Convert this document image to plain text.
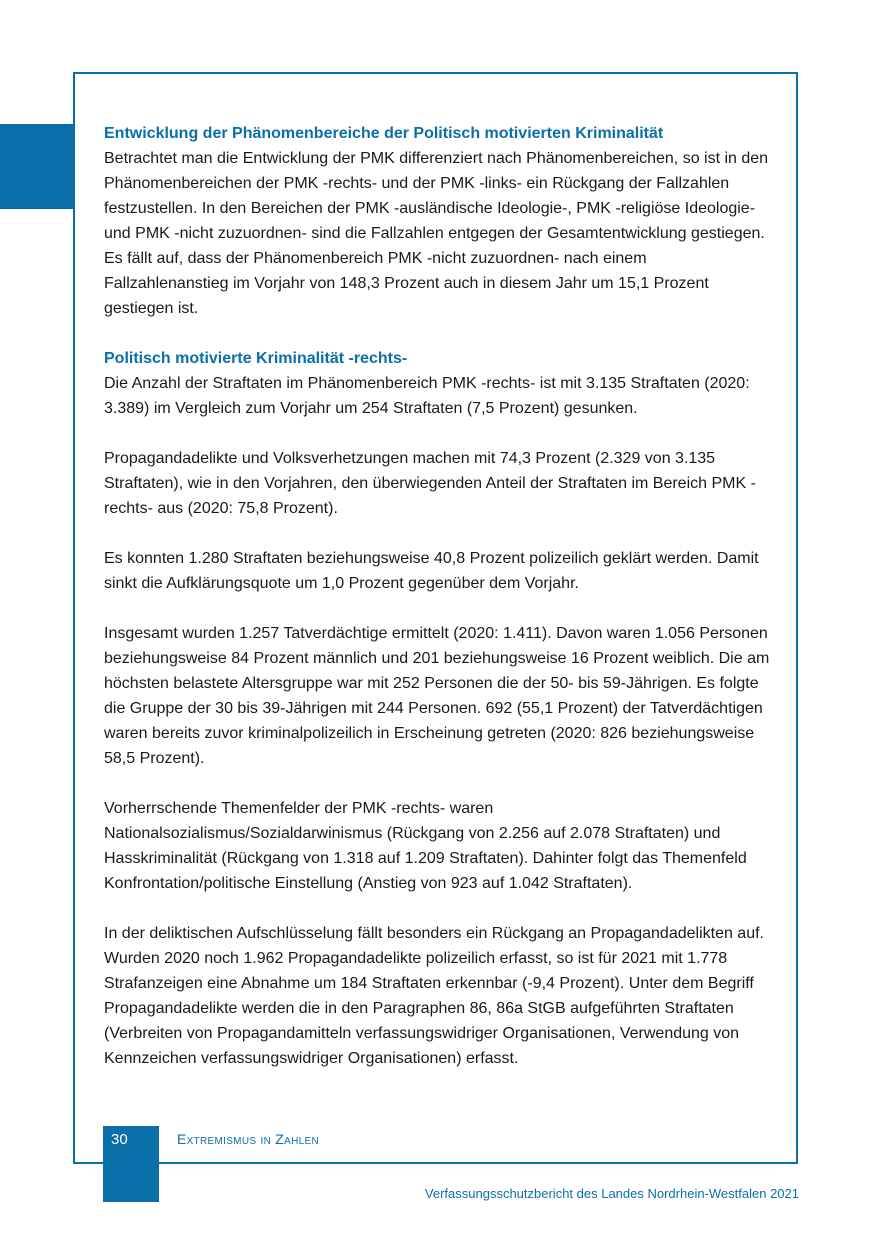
Entwicklung der Phänomenbereiche der Politisch motivierten Kriminalität

Betrachtet man die Entwicklung der PMK differenziert nach Phänomenbereichen, so ist in den Phänomenbereichen der PMK -rechts- und der PMK -links- ein Rückgang der Fallzahlen festzustellen. In den Bereichen der PMK -ausländische Ideologie-, PMK -religiöse Ideologie- und PMK -nicht zuzuordnen- sind die Fallzahlen entgegen der Gesamtentwicklung gestiegen. Es fällt auf, dass der Phänomenbereich PMK -nicht zuzuordnen- nach einem Fallzahlenanstieg im Vorjahr von 148,3 Prozent auch in diesem Jahr um 15,1 Prozent gestiegen ist.

Politisch motivierte Kriminalität -rechts-

Die Anzahl der Straftaten im Phänomenbereich PMK -rechts- ist mit 3.135 Straftaten (2020: 3.389) im Vergleich zum Vorjahr um 254 Straftaten (7,5 Prozent) gesunken.

Propagandadelikte und Volksverhetzungen machen mit 74,3 Prozent (2.329 von 3.135 Straftaten), wie in den Vorjahren, den überwiegenden Anteil der Straftaten im Bereich PMK -rechts- aus (2020: 75,8 Prozent).

Es konnten 1.280 Straftaten beziehungsweise 40,8 Prozent polizeilich geklärt werden. Damit sinkt die Aufklärungsquote um 1,0 Prozent gegenüber dem Vorjahr.

Insgesamt wurden 1.257 Tatverdächtige ermittelt (2020: 1.411). Davon waren 1.056 Personen beziehungsweise 84 Prozent männlich und 201 beziehungsweise 16 Prozent weiblich. Die am höchsten belastete Altersgruppe war mit 252 Personen die der 50- bis 59-Jährigen. Es folgte die Gruppe der 30 bis 39-Jährigen mit 244 Personen. 692 (55,1 Prozent) der Tatverdächtigen waren bereits zuvor kriminalpolizeilich in Erscheinung getreten (2020: 826 beziehungsweise 58,5 Prozent).

Vorherrschende Themenfelder der PMK -rechts- waren Nationalsozialismus/Sozialdarwinismus (Rückgang von 2.256 auf 2.078 Straftaten) und Hasskriminalität (Rückgang von 1.318 auf 1.209 Straftaten). Dahinter folgt das Themenfeld Konfrontation/politische Einstellung (Anstieg von 923 auf 1.042 Straftaten).

In der deliktischen Aufschlüsselung fällt besonders ein Rückgang an Propagandadelikten auf. Wurden 2020 noch 1.962 Propagandadelikte polizeilich erfasst, so ist für 2021 mit 1.778 Strafanzeigen eine Abnahme um 184 Straftaten erkennbar (-9,4 Prozent). Unter dem Begriff Propagandadelikte werden die in den Paragraphen 86, 86a StGB aufgeführten Straftaten (Verbreiten von Propagandamitteln verfassungswidriger Organisationen, Verwendung von Kennzeichen verfassungswidriger Organisationen) erfasst.

30	Extremismus in Zahlen
Verfassungsschutzbericht des Landes Nordrhein-Westfalen 2021
